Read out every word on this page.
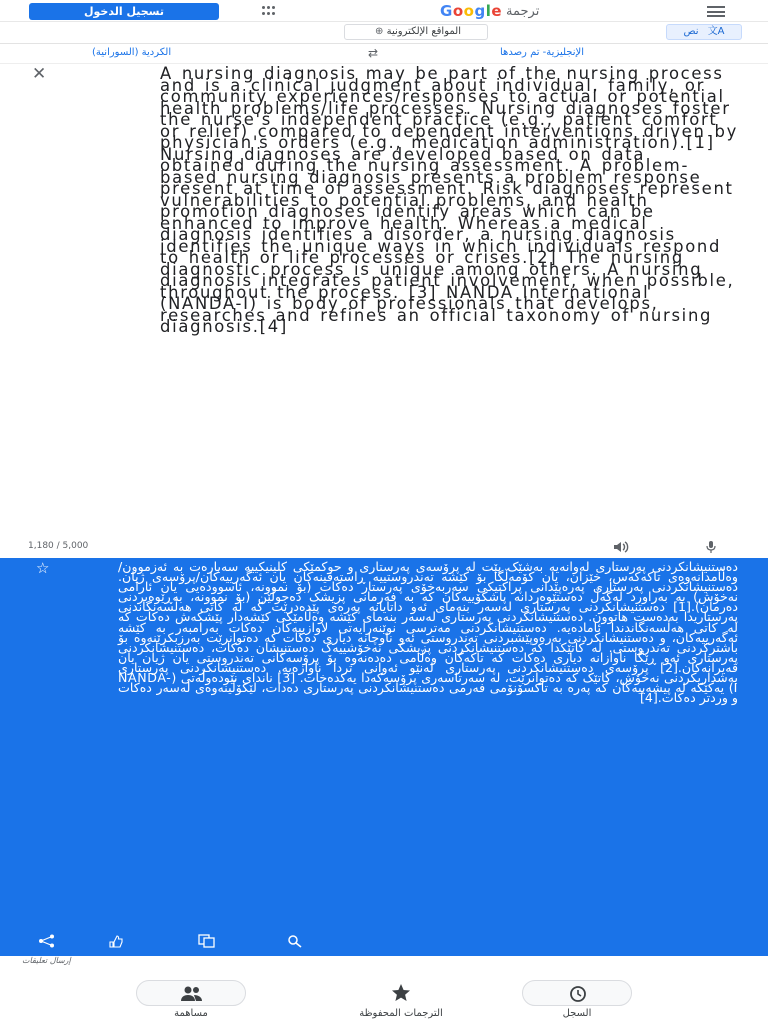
تسجيل الدخول	Google ترجمة
⊕ المواقع الإلكترونية	نص 文A
الكردية (السورانية)	⇄	الإنجليزية- تم رصدها
✕	A nursing diagnosis may be part of the nursing process and is a clinical judgment about individual, family, or community experiences/responses to actual or potential health problems/life processes. Nursing diagnoses foster the nurse's independent practice (e.g., patient comfort or relief) compared to dependent interventions driven by physician's orders (e.g., medication administration).[1] Nursing diagnoses are developed based on data obtained during the nursing assessment. A problem-based nursing diagnosis presents a problem response present at time of assessment. Risk diagnoses represent vulnerabilities to potential problems, and health promotion diagnoses identify areas which can be enhanced to improve health. Whereas a medical diagnosis identifies a disorder, a nursing diagnosis identifies the unique ways in which individuals respond to health or life processes or crises.[2] The nursing diagnostic process is unique among others. A nursing diagnosis integrates patient involvement, when possible, throughout the process. [3] NANDA International (NANDA-I) is body of professionals that develops, researches and refines an official taxonomy of nursing diagnosis.[4]
1,180 / 5,000
☆	دەستنیشانکردنی پەرستاری لەوانەیە بەشێک بێت لە پرۆسەی پەرستاری و حوکمێکی کلینیکییە سەبارەت بە ئەزموون/وەڵامدانەوەی تاکەکەس، خێزان، یان کۆمەڵگا بۆ کێشە تەندروستییە ڕاستەقینەکان یان ئەگەرییەکان/پرۆسەی ژیان. دەستنیشانکردنی پەرستاری پەرەپێدانی پراکتیکی سەربەخۆی پەرستار دەکات (بۆ نموونە، ئاسوودەیی یان ئارامی نەخۆش) بە بەراورد لەگەڵ دەستێوەردانە پاشکۆییەکان کە بە فەرمانی پزیشک دەجوڵێن (بۆ نموونە، بەڕێوەبردنی دەرمان).[1] دەستنیشانکردنی پەرستاری لەسەر بنەمای ئەو داتایانە پەرەی پێدەدرێت کە لە کاتی هەڵسەنگاندنی پەرستاریدا بەدەست هاتوون. دەستنیشانکردنی پەرستاری لەسەر بنەمای کێشە وەڵامێکی کێشەدار پێشکەش دەکات کە لە کاتی هەڵسەنگاندندا ئامادەیە. دەستنیشانکردنی مەترسی نوێنەرایەتی لاوازییەکان دەکات بەرامبەر بە کێشە ئەگەرییەکان، و دەستنیشانکردنی بەرەوپێشبردنی تەندروستی ئەو ناوچانە دیاری دەکات کە دەتوانرێت بەرزبکرێنەوە بۆ باشترکردنی تەندروستی. لە کاتێکدا کە دەستنیشانکردنی پزیشکی نەخۆشییەک دەستنیشان دەکات، دەستنیشانکردنی پەرستاری ئەو ڕێگا ناوازانە دیاری دەکات کە تاکەکان وەڵامی دەدەنەوە بۆ پرۆسەکانی تەندروستی یان ژیان یان قەیرانەکان.[2] پرۆسەی دەستنیشانکردنی پەرستاری لەنێو ئەوانی تردا ناوازەیە. دەستنیشانکردنی پەرستاری بەشداریکردنی نەخۆش، کاتێک کە دەتوانرێت، لە سەرتاسەری پرۆسەکەدا یەکدەخات. [3] نانداى نێودەوڵەتی (NANDA-I) یەکێکە لە پیشەییەکان کە پەرە بە تاکسۆنۆمی فەرمی دەستنیشانکردنی پەرستاری دەدات، لێکۆڵینەوەی لەسەر دەکات و وردتر دەکات.[4]
إرسال تعليقات
السجل
الترجمات المحفوظة
مساهمة
